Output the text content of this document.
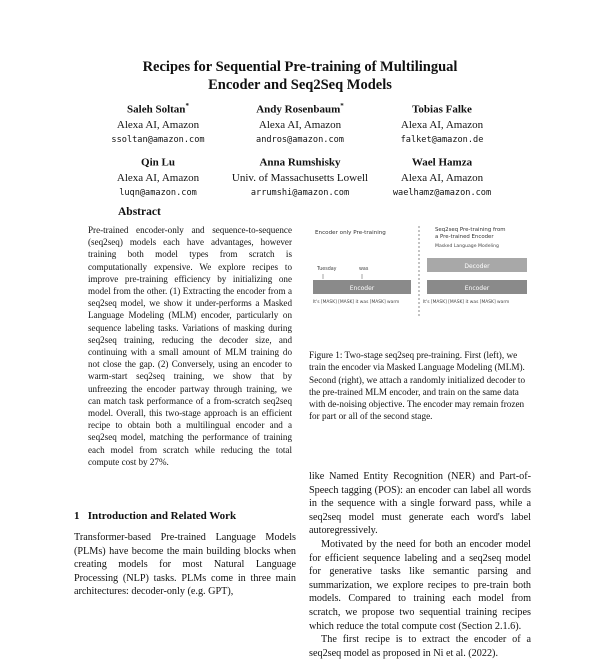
Recipes for Sequential Pre-training of Multilingual
Encoder and Seq2Seq Models
Saleh Soltan*
Alexa AI, Amazon
ssoltan@amazon.com
Andy Rosenbaum*
Alexa AI, Amazon
andros@amazon.com
Tobias Falke
Alexa AI, Amazon
falket@amazon.de
Qin Lu
Alexa AI, Amazon
luqn@amazon.com
Anna Rumshisky
Univ. of Massachusetts Lowell
arrumshi@amazon.com
Wael Hamza
Alexa AI, Amazon
waelhamz@amazon.com
Abstract
Pre-trained encoder-only and sequence-to-sequence (seq2seq) models each have advantages, however training both model types from scratch is computationally expensive. We explore recipes to improve pre-training efficiency by initializing one model from the other. (1) Extracting the encoder from a seq2seq model, we show it under-performs a Masked Language Modeling (MLM) encoder, particularly on sequence labeling tasks. Variations of masking during seq2seq training, reducing the decoder size, and continuing with a small amount of MLM training do not close the gap. (2) Conversely, using an encoder to warm-start seq2seq training, we show that by unfreezing the encoder partway through training, we can match task performance of a from-scratch seq2seq model. Overall, this two-stage approach is an efficient recipe to obtain both a multilingual encoder and a seq2seq model, matching the performance of training each model from scratch while reducing the total compute cost by 27%.
1   Introduction and Related Work
Transformer-based Pre-trained Language Models (PLMs) have become the main building blocks when creating models for most Natural Language Processing (NLP) tasks. PLMs come in three main architectures: decoder-only (e.g. GPT),
Encoder only Pre-training
Tuesday	was
Encoder
It's [MASK] [MASK] it was [MASK] warm
Seq2seq Pre-training from
a Pre-trained Encoder
Masked Language Modeling
Decoder
Encoder
It's [MASK] [MASK] it was [MASK] warm
Figure 1: Two-stage seq2seq pre-training. First (left), we train the encoder via Masked Language Modeling (MLM). Second (right), we attach a randomly initialized decoder to the pre-trained MLM encoder, and train on the same data with de-noising objective. The encoder may remain frozen for part or all of the second stage.

like Named Entity Recognition (NER) and Part-of-Speech tagging (POS): an encoder can label all words in the sequence with a single forward pass, while a seq2seq model must generate each word's label autoregressively.

Motivated by the need for both an encoder model for efficient sequence labeling and a seq2seq model for generative tasks like semantic parsing and summarization, we explore recipes to pre-train both models. Compared to training each model from scratch, we propose two sequential training recipes which reduce the total compute cost (Section 2.1.6).

The first recipe is to extract the encoder of a seq2seq model as proposed in Ni et al. (2022).
